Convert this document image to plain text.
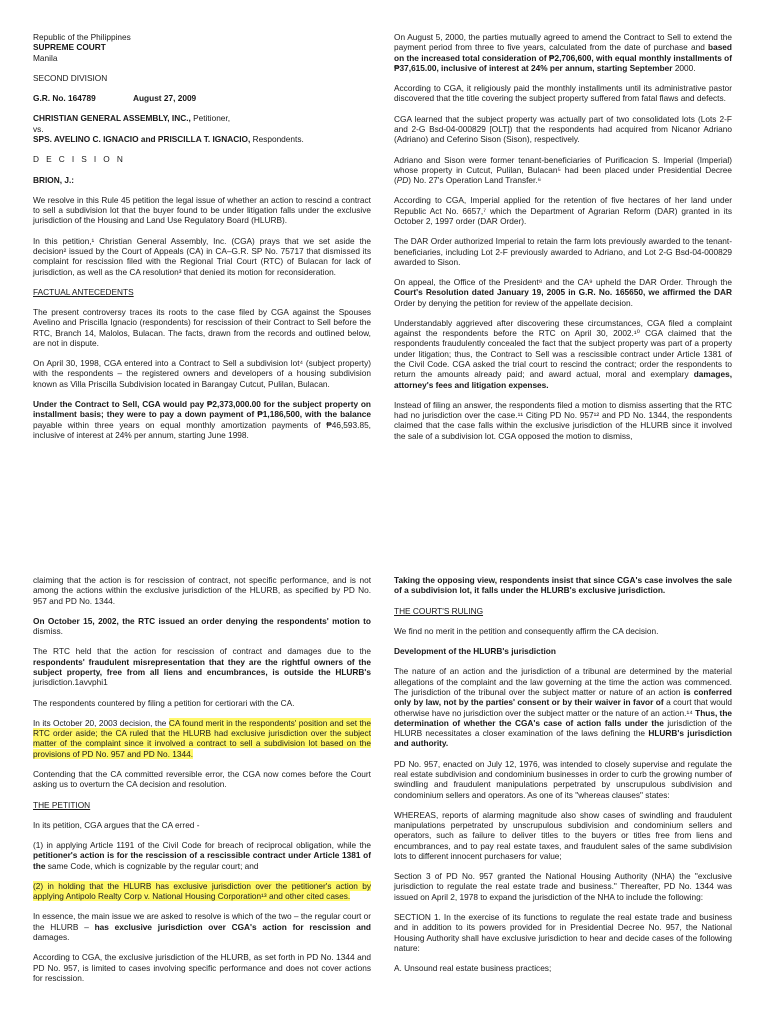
Republic of the Philippines

SUPREME COURT

Manila

SECOND DIVISION

G.R. No. 164789	August 27, 2009

CHRISTIAN GENERAL ASSEMBLY, INC., Petitioner,

vs.

SPS. AVELINO C. IGNACIO and PRISCILLA T. IGNACIO, Respondents.

D E C I S I O N

BRION, J.:

We resolve in this Rule 45 petition the legal issue of whether an action to rescind a contract to sell a subdivision lot that the buyer found to be under litigation falls under the exclusive jurisdiction of the Housing and Land Use Regulatory Board (HLURB).

In this petition,¹ Christian General Assembly, Inc. (CGA) prays that we set aside the decision² issued by the Court of Appeals (CA) in CA–G.R. SP No. 75717 that dismissed its complaint for rescission filed with the Regional Trial Court (RTC) of Bulacan for lack of jurisdiction, as well as the CA resolution³ that denied its motion for reconsideration.

FACTUAL ANTECEDENTS

The present controversy traces its roots to the case filed by CGA against the Spouses Avelino and Priscilla Ignacio (respondents) for rescission of their Contract to Sell before the RTC, Branch 14, Malolos, Bulacan. The facts, drawn from the records and outlined below, are not in dispute.

On April 30, 1998, CGA entered into a Contract to Sell a subdivision lot⁴ (subject property) with the respondents – the registered owners and developers of a housing subdivision known as Villa Priscilla Subdivision located in Barangay Cutcut, Pulilan, Bulacan.

Under the Contract to Sell, CGA would pay ₱2,373,000.00 for the subject property on installment basis; they were to pay a down payment of ₱1,186,500, with the balance payable within three years on equal monthly amortization payments of ₱46,593.85, inclusive of interest at 24% per annum, starting June 1998.

On August 5, 2000, the parties mutually agreed to amend the Contract to Sell to extend the payment period from three to five years, calculated from the date of purchase and based on the increased total consideration of ₱2,706,600, with equal monthly installments of ₱37,615.00, inclusive of interest at 24% per annum, starting September 2000.

According to CGA, it religiously paid the monthly installments until its administrative pastor discovered that the title covering the subject property suffered from fatal flaws and defects.

CGA learned that the subject property was actually part of two consolidated lots (Lots 2-F and 2-G Bsd-04-000829 [OLT]) that the respondents had acquired from Nicanor Adriano (Adriano) and Ceferino Sison (Sison), respectively.

Adriano and Sison were former tenant-beneficiaries of Purificacion S. Imperial (Imperial) whose property in Cutcut, Pulilan, Bulacan⁵ had been placed under Presidential Decree (PD) No. 27's Operation Land Transfer.⁶

According to CGA, Imperial applied for the retention of five hectares of her land under Republic Act No. 6657,⁷ which the Department of Agrarian Reform (DAR) granted in its October 2, 1997 order (DAR Order).

The DAR Order authorized Imperial to retain the farm lots previously awarded to the tenant-beneficiaries, including Lot 2-F previously awarded to Adriano, and Lot 2-G Bsd-04-000829 awarded to Sison.

On appeal, the Office of the President⁸ and the CA⁹ upheld the DAR Order. Through the Court's Resolution dated January 19, 2005 in G.R. No. 165650, we affirmed the DAR Order by denying the petition for review of the appellate decision.

Understandably aggrieved after discovering these circumstances, CGA filed a complaint against the respondents before the RTC on April 30, 2002.¹⁰ CGA claimed that the respondents fraudulently concealed the fact that the subject property was part of a property under litigation; thus, the Contract to Sell was a rescissible contract under Article 1381 of the Civil Code. CGA asked the trial court to rescind the contract; order the respondents to return the amounts already paid; and award actual, moral and exemplary damages, attorney's fees and litigation expenses.

Instead of filing an answer, the respondents filed a motion to dismiss asserting that the RTC had no jurisdiction over the case.¹¹ Citing PD No. 957¹² and PD No. 1344, the respondents claimed that the case falls within the exclusive jurisdiction of the HLURB since it involved the sale of a subdivision lot. CGA opposed the motion to dismiss,

claiming that the action is for rescission of contract, not specific performance, and is not among the actions within the exclusive jurisdiction of the HLURB, as specified by PD No. 957 and PD No. 1344.

On October 15, 2002, the RTC issued an order denying the respondents' motion to dismiss.

The RTC held that the action for rescission of contract and damages due to the respondents' fraudulent misrepresentation that they are the rightful owners of the subject property, free from all liens and encumbrances, is outside the HLURB's jurisdiction.1avvphi1

The respondents countered by filing a petition for certiorari with the CA.

In its October 20, 2003 decision, the CA found merit in the respondents' position and set the RTC order aside; the CA ruled that the HLURB had exclusive jurisdiction over the subject matter of the complaint since it involved a contract to sell a subdivision lot based on the provisions of PD No. 957 and PD No. 1344.

Contending that the CA committed reversible error, the CGA now comes before the Court asking us to overturn the CA decision and resolution.

THE PETITION

In its petition, CGA argues that the CA erred -

(1) in applying Article 1191 of the Civil Code for breach of reciprocal obligation, while the petitioner's action is for the rescission of a rescissible contract under Article 1381 of the same Code, which is cognizable by the regular court; and

(2) in holding that the HLURB has exclusive jurisdiction over the petitioner's action by applying Antipolo Realty Corp v. National Housing Corporation¹³ and other cited cases.

In essence, the main issue we are asked to resolve is which of the two – the regular court or the HLURB – has exclusive jurisdiction over CGA's action for rescission and damages.

According to CGA, the exclusive jurisdiction of the HLURB, as set forth in PD No. 1344 and PD No. 957, is limited to cases involving specific performance and does not cover actions for rescission.

Taking the opposing view, respondents insist that since CGA's case involves the sale of a subdivision lot, it falls under the HLURB's exclusive jurisdiction.

THE COURT'S RULING

We find no merit in the petition and consequently affirm the CA decision.

Development of the HLURB's jurisdiction

The nature of an action and the jurisdiction of a tribunal are determined by the material allegations of the complaint and the law governing at the time the action was commenced. The jurisdiction of the tribunal over the subject matter or nature of an action is conferred only by law, not by the parties' consent or by their waiver in favor of a court that would otherwise have no jurisdiction over the subject matter or the nature of an action.¹⁴ Thus, the determination of whether the CGA's case of action falls under the jurisdiction of the HLURB necessitates a closer examination of the laws defining the HLURB's jurisdiction and authority.

PD No. 957, enacted on July 12, 1976, was intended to closely supervise and regulate the real estate subdivision and condominium businesses in order to curb the growing number of swindling and fraudulent manipulations perpetrated by unscrupulous subdivision and condominium sellers and operators. As one of its "whereas clauses" states:

WHEREAS, reports of alarming magnitude also show cases of swindling and fraudulent manipulations perpetrated by unscrupulous subdivision and condominium sellers and operators, such as failure to deliver titles to the buyers or titles free from liens and encumbrances, and to pay real estate taxes, and fraudulent sales of the same subdivision lots to different innocent purchasers for value;

Section 3 of PD No. 957 granted the National Housing Authority (NHA) the "exclusive jurisdiction to regulate the real estate trade and business." Thereafter, PD No. 1344 was issued on April 2, 1978 to expand the jurisdiction of the NHA to include the following:

SECTION 1. In the exercise of its functions to regulate the real estate trade and business and in addition to its powers provided for in Presidential Decree No. 957, the National Housing Authority shall have exclusive jurisdiction to hear and decide cases of the following nature:

A. Unsound real estate business practices;
